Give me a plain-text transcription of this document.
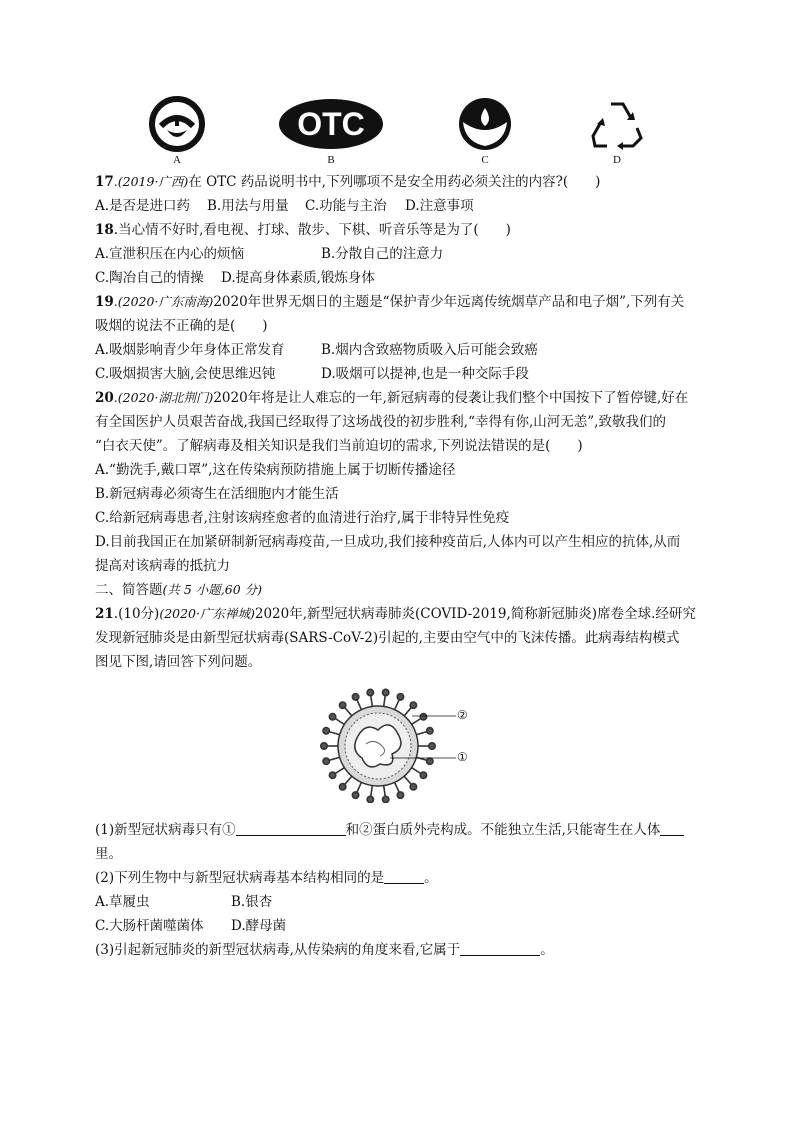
A
OTC
B	C	D
17.(2019·广西)在 OTC 药品说明书中,下列哪项不是安全用药必须关注的内容?(　　)
A.是否是进口药 B.用法与用量 C.功能与主治 D.注意事项
18.当心情不好时,看电视、打球、散步、下棋、听音乐等是为了(　　)
A.宣泄积压在内心的烦恼	B.分散自己的注意力
C.陶冶自己的情操 D.提高身体素质,锻炼身体
19.(2020·广东南海)2020年世界无烟日的主题是“保护青少年远离传统烟草产品和电子烟”,下列有关
吸烟的说法不正确的是(　　)
A.吸烟影响青少年身体正常发育	B.烟内含致癌物质吸入后可能会致癌
C.吸烟损害大脑,会使思维迟钝	D.吸烟可以提神,也是一种交际手段
20.(2020·湖北荆门)2020年将是让人难忘的一年,新冠病毒的侵袭让我们整个中国按下了暂停键,好在
有全国医护人员艰苦奋战,我国已经取得了这场战役的初步胜利,“幸得有你,山河无恙”,致敬我们的
“白衣天使”。了解病毒及相关知识是我们当前迫切的需求,下列说法错误的是(　　)
A.“勤洗手,戴口罩”,这在传染病预防措施上属于切断传播途径
B.新冠病毒必须寄生在活细胞内才能生活
C.给新冠病毒患者,注射该病痊愈者的血清进行治疗,属于非特异性免疫
D.目前我国正在加紧研制新冠病毒疫苗,一旦成功,我们接种疫苗后,人体内可以产生相应的抗体,从而
提高对该病毒的抵抗力
二、简答题(共 5 小题,60 分)
21.(10分)(2020·广东禅城)2020年,新型冠状病毒肺炎(COVID-2019,简称新冠肺炎)席卷全球.经研究
发现新冠肺炎是由新型冠状病毒(SARS-CoV-2)引起的,主要由空气中的飞沫传播。此病毒结构模式
图见下图,请回答下列问题。
②
①
(1)新型冠状病毒只有①	和②蛋白质外壳构成。不能独立生活,只能寄生在人体
里。
(2)下列生物中与新型冠状病毒基本结构相同的是	。
A.草履虫	B.银杏
C.大肠杆菌噬菌体 D.酵母菌
(3)引起新冠肺炎的新型冠状病毒,从传染病的角度来看,它属于	。
